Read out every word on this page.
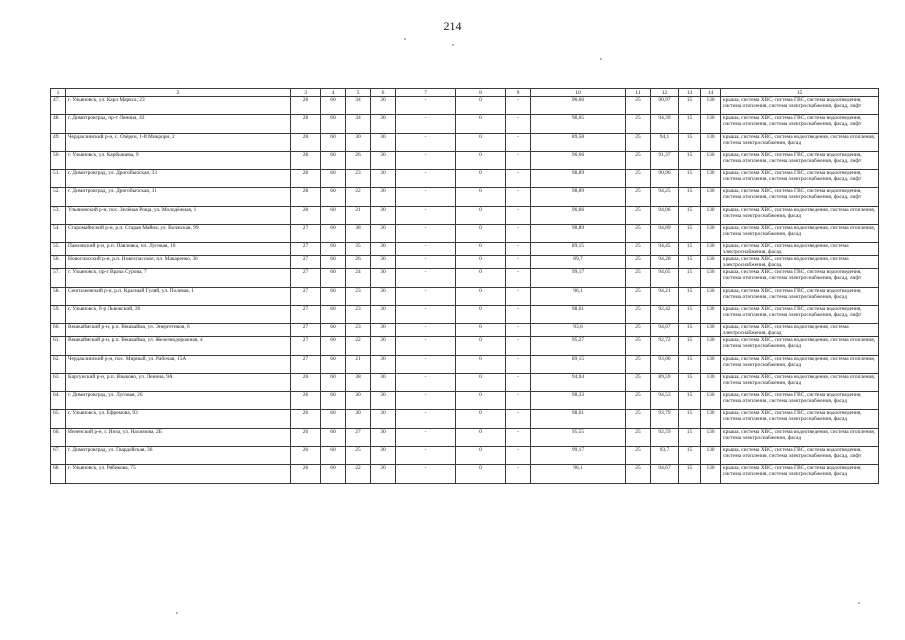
214
1	2	3	4	5	6	7	8	9	10	11	12	13	14	15
47.	г. Ульяновск, ул. Карл Маркса, 23	28	60	34	30	-	0	-	96,66	25	90,97	15	130	крыша, система ХВС, система ГВС, система водоотведения, система отопления, система электроснабжения, фасад, лифт
48.	г. Димитровград, пр-т Ленина, 43	28	60	34	30	-	0	-	98,05	25	94,39	15	130	крыша, система ХВС, система ГВС, система водоотведения, система отопления, система электроснабжения, фасад, лифт
49.	Чердаклинский р-н, с. Озёрки, 1-й Микрорн, 2	28	60	30	30	-	0	-	89,58	25	94,1	15	130	крыша, система ХВС, система водоотведения, система отопления, система электроснабжения, фасад
50.	г. Ульяновск, ул. Карбышева, 9	28	60	26	30	-	0	-	96,66	25	91,37	15	130	крыша, система ХВС, система ГВС, система водоотведения, система отопления, система электроснабжения, фасад, лифт
51.	г. Димитровград, ул. Дрогобычская, 33	28	60	23	30	-	0	-	98,89	25	90,96	15	130	крыша, система ХВС, система ГВС, система водоотведения, система отопления, система электроснабжения, фасад, лифт
52.	г. Димитровград, ул. Дрогобычская, 31	28	60	22	30	-	0	-	98,89	25	94,25	15	130	крыша, система ХВС, система ГВС, система водоотведения, система отопления, система электроснабжения, фасад, лифт
53.	Ульяновский р-н, пос. Зелёная Роща, ул. Молодёжная, 1	28	60	21	30	-	0	-	96,66	25	94,06	15	130	крыша, система ХВС, система водоотведения, система отопления, система электроснабжения, фасад
54.	Старомайнский р-н, р.п. Старая Майна, ул. Волжская, 99	27	60	38	30	-	0	-	98,89	25	94,89	15	130	крыша, система ХВС, система водоотведения, система отопления, система электроснабжения, фасад
55.	Павловский р-н, р.п. Павловка, пл. Луговая, 10	27	60	35	30	-	0	-	89,15	25	94,45	15	130	крыша, система ХВС, система водоотведения, система электроснабжения, фасад
56.	Новоспасский р-н, р.п. Новоспасское, пл. Макаренко, 36	27	60	26	30	-	0	-	89,7	25	94,28	15	130	крыша, система ХВС, система водоотведения, система электроснабжения, фасад
57.	г. Ульяновск, пр-т Врача Сурова, 7	27	60	24	30	-	0	-	99,17	25	94,65	15	130	крыша, система ХВС, система ГВС, система водоотведения, система отопления, система электроснабжения, фасад, лифт
58.	Сенгилеевский р-н, р.п. Красный Гуляй, ул. Полевая, 1	27	60	23	30	-	0	-	96,1	25	94,21	15	130	крыша, система ХВС, система ГВС, система водоотведения, система отопления, система электроснабжения, фасад
59.	г. Ульяновск, б-р Львовский, 26	27	60	23	30	-	0	-	98,61	25	92,42	15	130	крыша, система ХВС, система ГВС, система водоотведения, система отопления, система электроснабжения, фасад, лифт
60.	Вешкаймский р-н, р.п. Вешкайма, ул. Энергетиков, 6	27	60	23	30	-	0	-	93,6	25	94,07	15	130	крыша, система ХВС, система водоотведения, система электроснабжения, фасад
61.	Вешкаймский р-н, р.п. Вешкайма, ул. Железнодорожная, 4	27	60	22	30	-	0	-	95,27	25	92,72	15	130	крыша, система ХВС, система водоотведения, система отопления, система электроснабжения, фасад
62.	Чердаклинский р-н, пос. Мирный, ул. Рабочая, 15А	27	60	21	30	-	0	-	89,15	25	93,06	15	130	крыша, система ХВС, система водоотведения, система отопления, система электроснабжения, фасад
63.	Карсунский р-н, р.п. Языково, ул. Ленина, 9А	26	60	38	30	-	0	-	94,94	25	89,59	15	130	крыша, система ХВС, система водоотведения, система отопления, система электроснабжения, фасад
64.	г. Димитровград, ул. Луговая, 26	26	60	30	30	-	0	-	98,33	25	94,53	15	130	крыша, система ХВС, система ГВС, система водоотведения, система отопления, система электроснабжения, фасад
65.	г. Ульяновск, ул. Ефремова, 93	26	60	30	30	-	0	-	98,61	25	93,79	15	130	крыша, система ХВС, система ГВС, система водоотведения, система отопления, система электроснабжения, фасад
66.	Инзенский р-н, г. Инза, ул. Нахимова, 2Б	26	60	27	30	-	0	-	95,55	25	92,59	15	130	крыша, система ХВС, система водоотведения, система отопления, система электроснабжения, фасад
67.	г. Димитровград, ул. Гвардейская, 36	26	60	25	30	-	0	-	99,17	25	93,7	15	130	крыша, система ХВС, система ГВС, система водоотведения, система отопления, система электроснабжения, фасад, лифт
68.	г. Ульяновск, ул. Рябикова, 75	26	60	22	30	-	0	-	96,1	25	94,67	15	130	крыша, система ХВС, система ГВС, система водоотведения, система отопления, система электроснабжения, фасад
